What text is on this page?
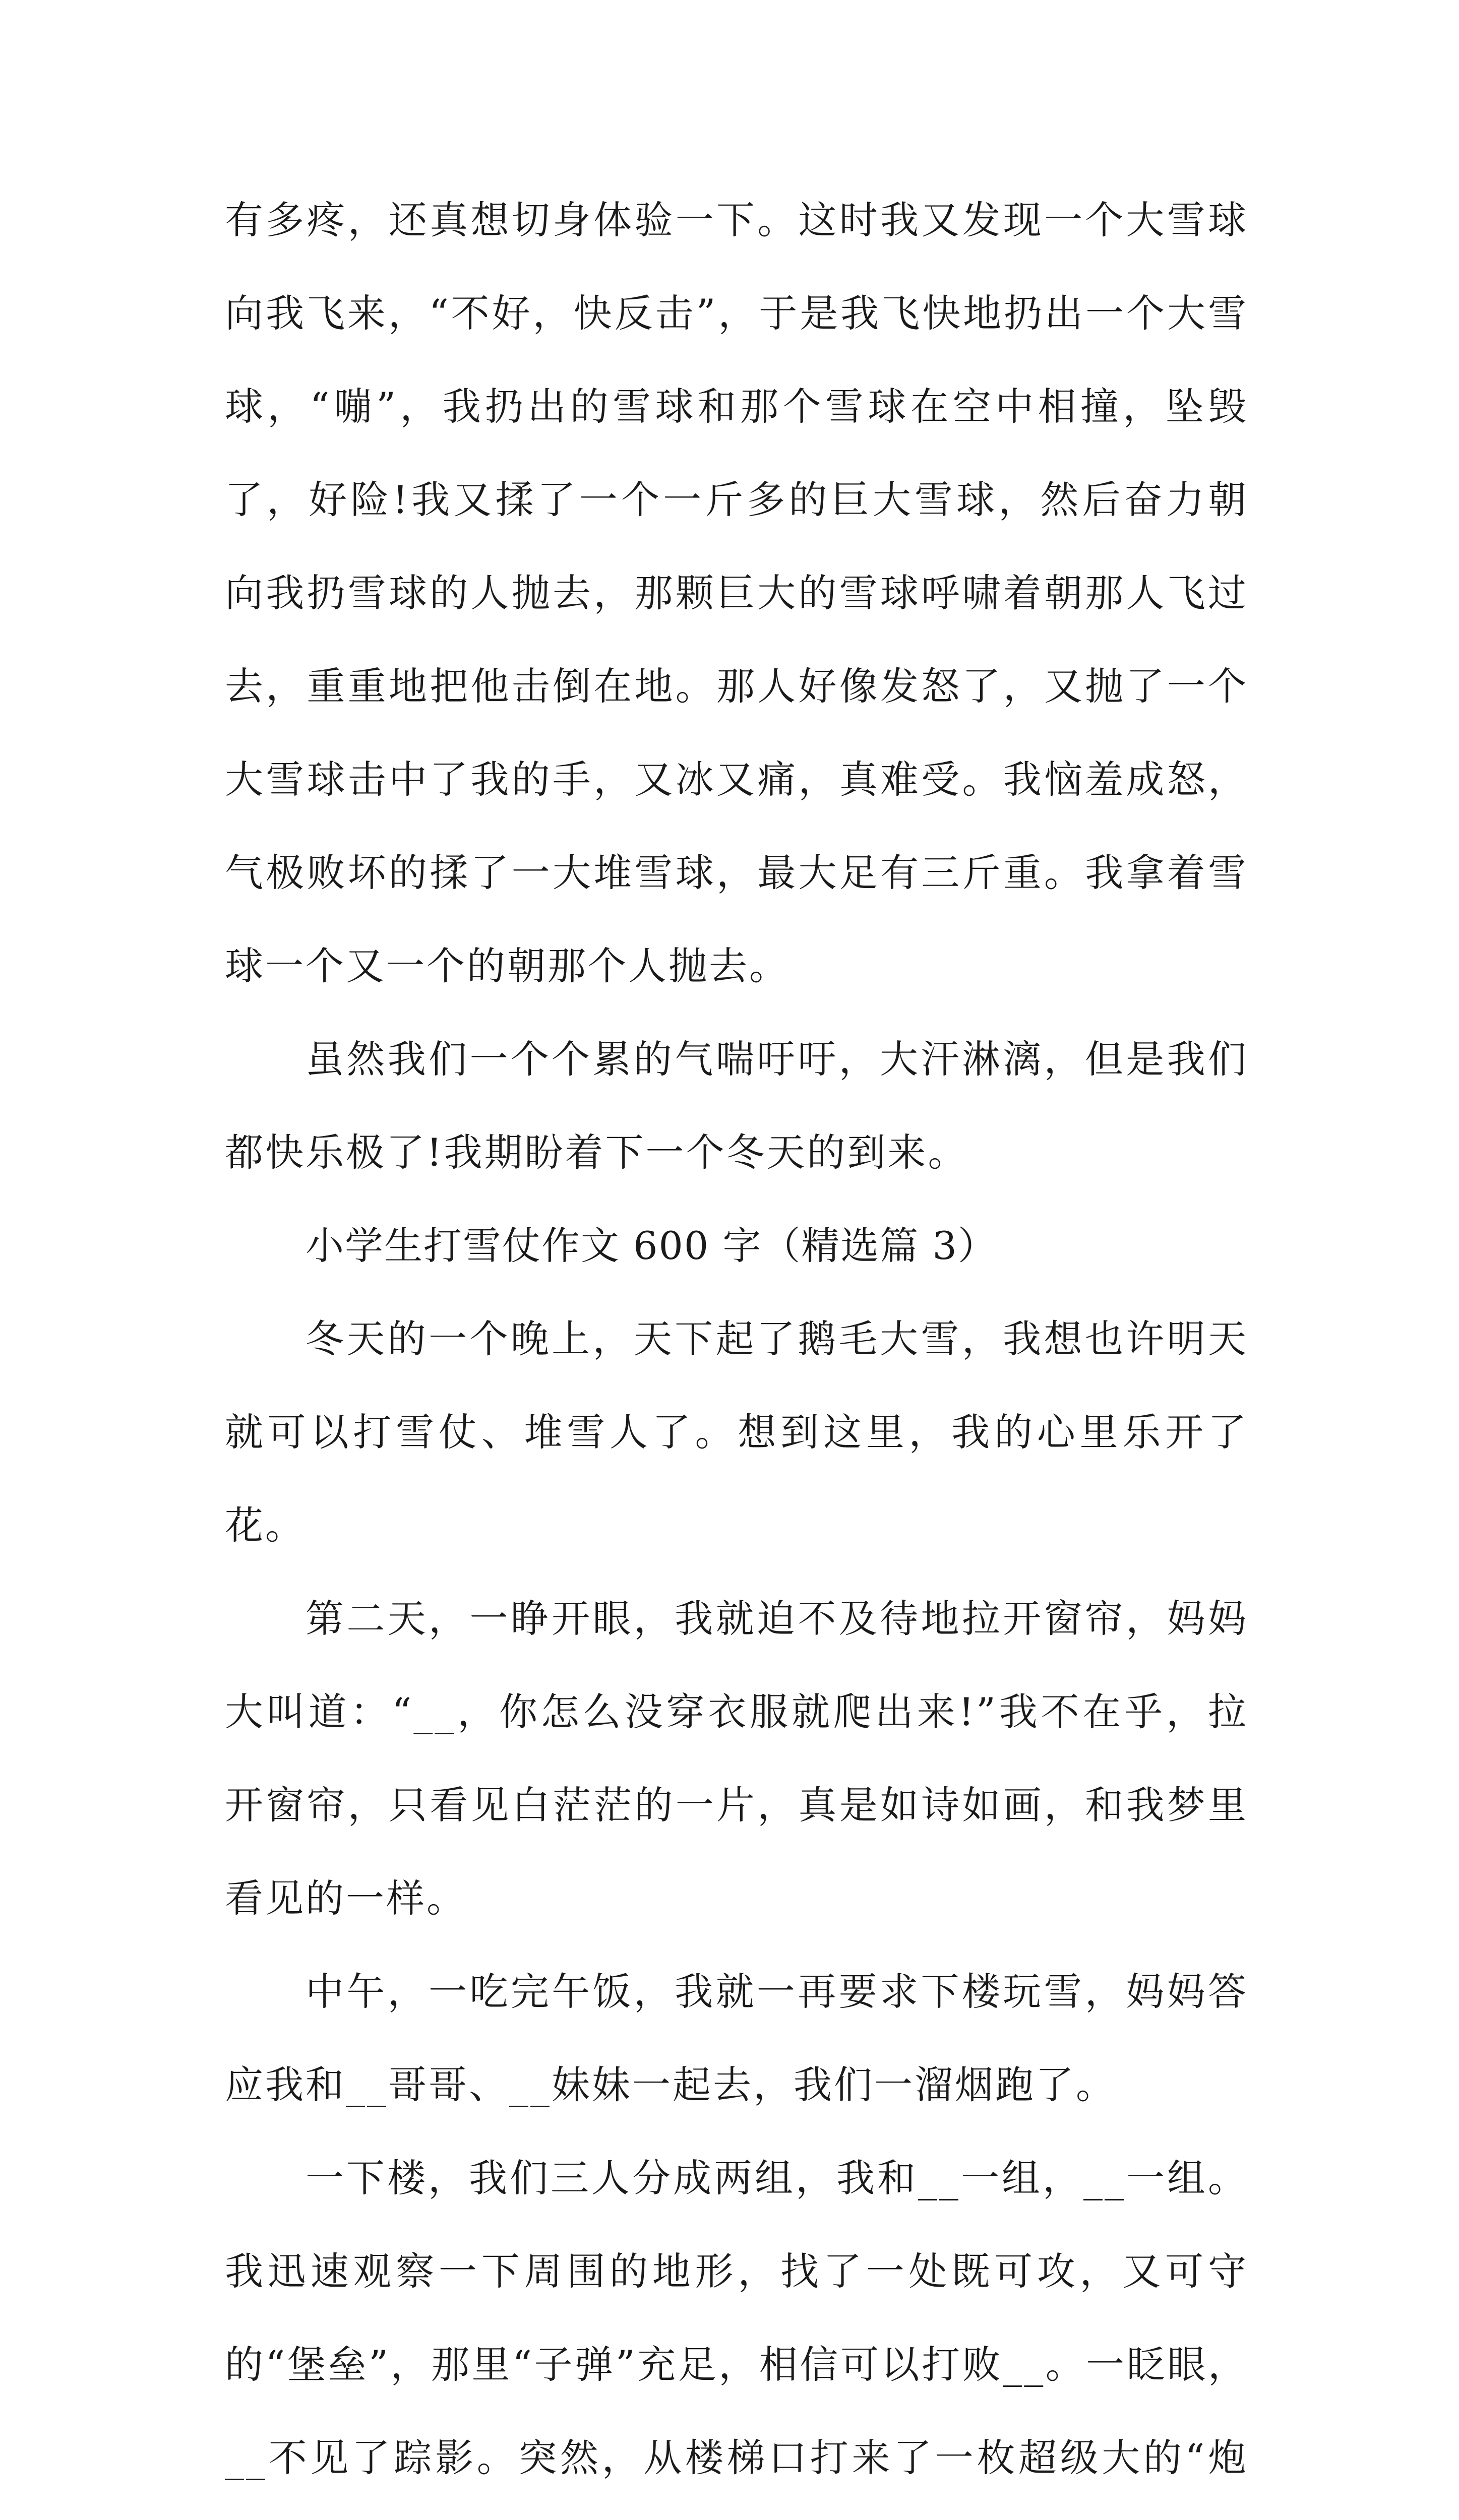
有多疼，还真想切身体验一下。这时我又发现一个大雪球向我飞来，“不好，快反击”，于是我飞快地扔出一个大雪球，“嘣”，我扔出的雪球和那个雪球在空中相撞，坠毁了，好险!我又揉了一个一斤多的巨大雪球，然后奋力朝向我扔雪球的人抛去，那颗巨大的雪球呼啸着朝那人飞过去，重重地把他击倒在地。那人好像发怒了，又抛了一个大雪球击中了我的手，又冰又痛，真难受。我恼羞成怒，气极败坏的揉了一大堆雪球，最大足有三斤重。我拿着雪球一个又一个的朝那个人抛去。

虽然我们一个个累的气喘吁吁，大汗淋漓，但是我们都快乐极了!我期盼着下一个冬天的到来。

小学生打雪仗作文 600 字（精选篇 3）

冬天的一个晚上，天下起了鹅毛大雪，我想也许明天就可以打雪仗、堆雪人了。想到这里，我的心里乐开了花。

第二天，一睁开眼，我就迫不及待地拉开窗帘，妈妈大叫道：“__，你怎么没穿衣服就爬出来!”我不在乎，拉开窗帘，只看见白茫茫的一片，真是如诗如画，和我梦里看见的一样。

中午，一吃完午饭，我就一再要求下楼玩雪，妈妈答应我和__哥哥、__妹妹一起去，我们一溜烟跑了。

一下楼，我们三人分成两组，我和__一组，__一组。我迅速观察一下周围的地形，找了一处既可攻，又可守的“堡垒”，那里“子弹”充足，相信可以打败__。一眨眼，__不见了踪影。突然，从楼梯口打来了一枚超级大的“炮
